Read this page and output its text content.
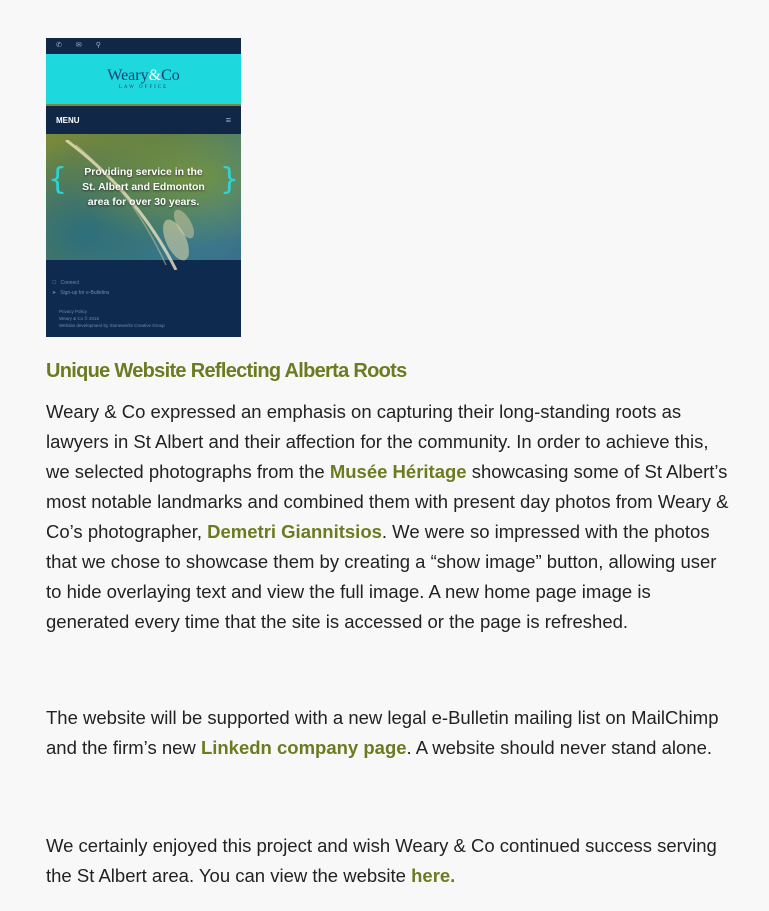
✆ ✉ ⚲
Weary&Co
LAW OFFICE
MENU	≡
{	}
Providing service in the St. Albert and Edmonton area for over 30 years.
☐ Connect
➤ Sign-up for e-Bulletins
Privacy Policy
Weary & Co © 2016
Website development by Stonewerks Creative Group
Unique Website Reflecting Alberta Roots

Weary & Co expressed an emphasis on capturing their long-standing roots as lawyers in St Albert and their affection for the community. In order to achieve this, we selected photographs from the Musée Héritage showcasing some of St Albert’s most notable landmarks and combined them with present day photos from Weary & Co’s photographer, Demetri Giannitsios. We were so impressed with the photos that we chose to showcase them by creating a “show image” button, allowing user to hide overlaying text and view the full image. A new home page image is generated every time that the site is accessed or the page is refreshed.

The website will be supported with a new legal e-Bulletin mailing list on MailChimp and the firm’s new Linkedn company page. A website should never stand alone.

We certainly enjoyed this project and wish Weary & Co continued success serving the St Albert area. You can view the website here.
